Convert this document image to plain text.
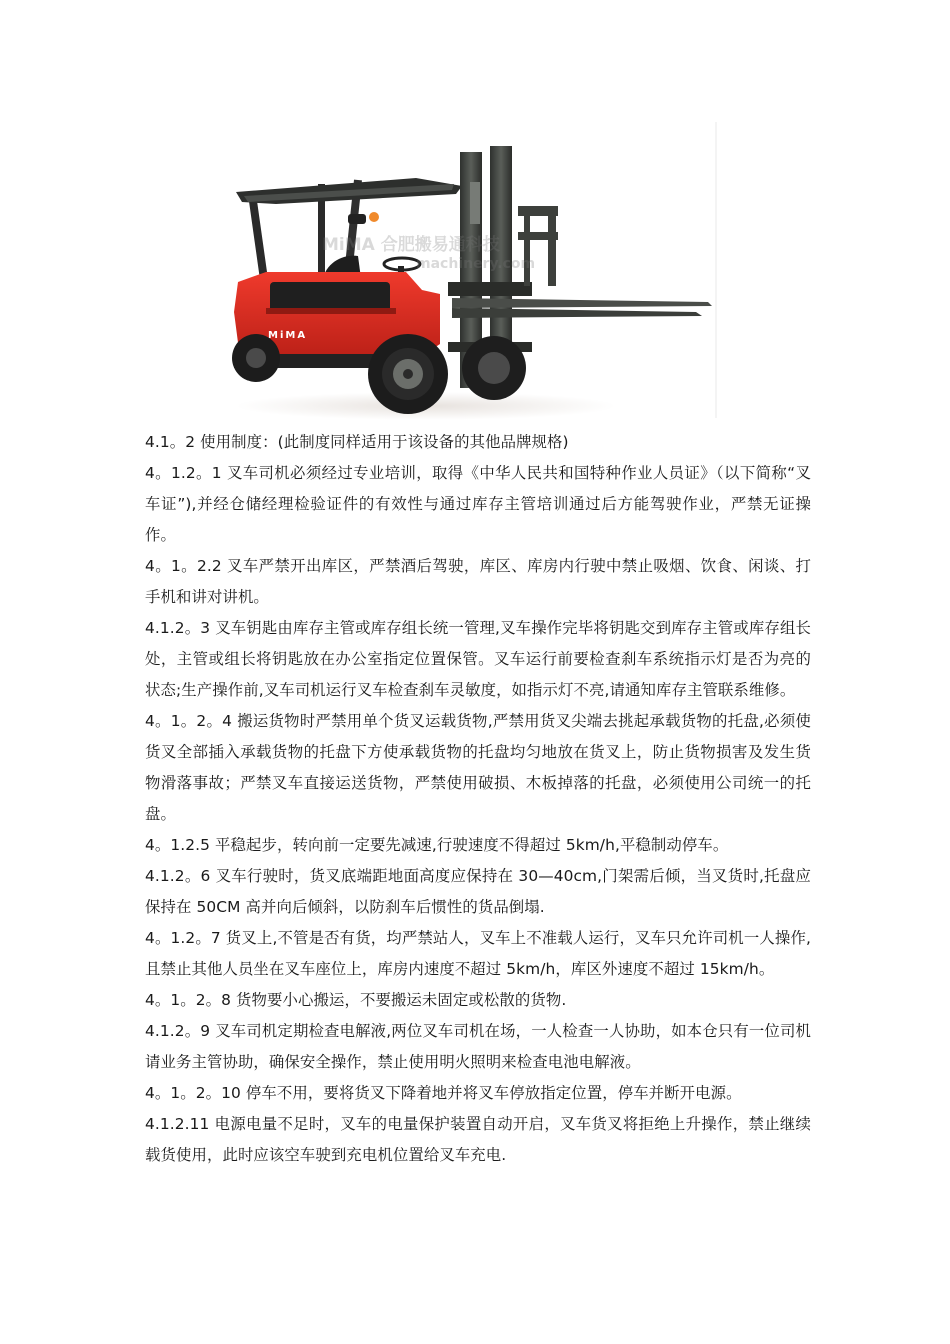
MiMA
MiMA 合肥搬易通科技
machinery.com

4.1。2 使用制度：(此制度同样适用于该设备的其他品牌规格)

4。1.2。1 叉车司机必须经过专业培训，取得《中华人民共和国特种作业人员证》（以下简称“叉车证”),并经仓储经理检验证件的有效性与通过库存主管培训通过后方能驾驶作业，严禁无证操作。

4。1。2.2 叉车严禁开出库区，严禁酒后驾驶，库区、库房内行驶中禁止吸烟、饮食、闲谈、打手机和讲对讲机。

4.1.2。3 叉车钥匙由库存主管或库存组长统一管理,叉车操作完毕将钥匙交到库存主管或库存组长处，主管或组长将钥匙放在办公室指定位置保管。叉车运行前要检查刹车系统指示灯是否为亮的状态;生产操作前,叉车司机运行叉车检查刹车灵敏度，如指示灯不亮,请通知库存主管联系维修。

4。1。2。4 搬运货物时严禁用单个货叉运载货物,严禁用货叉尖端去挑起承载货物的托盘,必须使货叉全部插入承载货物的托盘下方使承载货物的托盘均匀地放在货叉上，防止货物损害及发生货物滑落事故；严禁叉车直接运送货物，严禁使用破损、木板掉落的托盘，必须使用公司统一的托盘。

4。1.2.5 平稳起步，转向前一定要先减速,行驶速度不得超过 5km/h,平稳制动停车。

4.1.2。6 叉车行驶时，货叉底端距地面高度应保持在 30—40cm,门架需后倾，当叉货时,托盘应保持在 50CM 高并向后倾斜，以防刹车后惯性的货品倒塌.

4。1.2。7 货叉上,不管是否有货，均严禁站人，叉车上不准载人运行，叉车只允许司机一人操作,且禁止其他人员坐在叉车座位上，库房内速度不超过 5km/h，库区外速度不超过 15km/h。

4。1。2。8 货物要小心搬运，不要搬运未固定或松散的货物.

4.1.2。9 叉车司机定期检查电解液,两位叉车司机在场，一人检查一人协助，如本仓只有一位司机请业务主管协助，确保安全操作，禁止使用明火照明来检查电池电解液。

4。1。2。10 停车不用，要将货叉下降着地并将叉车停放指定位置，停车并断开电源。

4.1.2.11 电源电量不足时，叉车的电量保护装置自动开启，叉车货叉将拒绝上升操作，禁止继续载货使用，此时应该空车驶到充电机位置给叉车充电.
